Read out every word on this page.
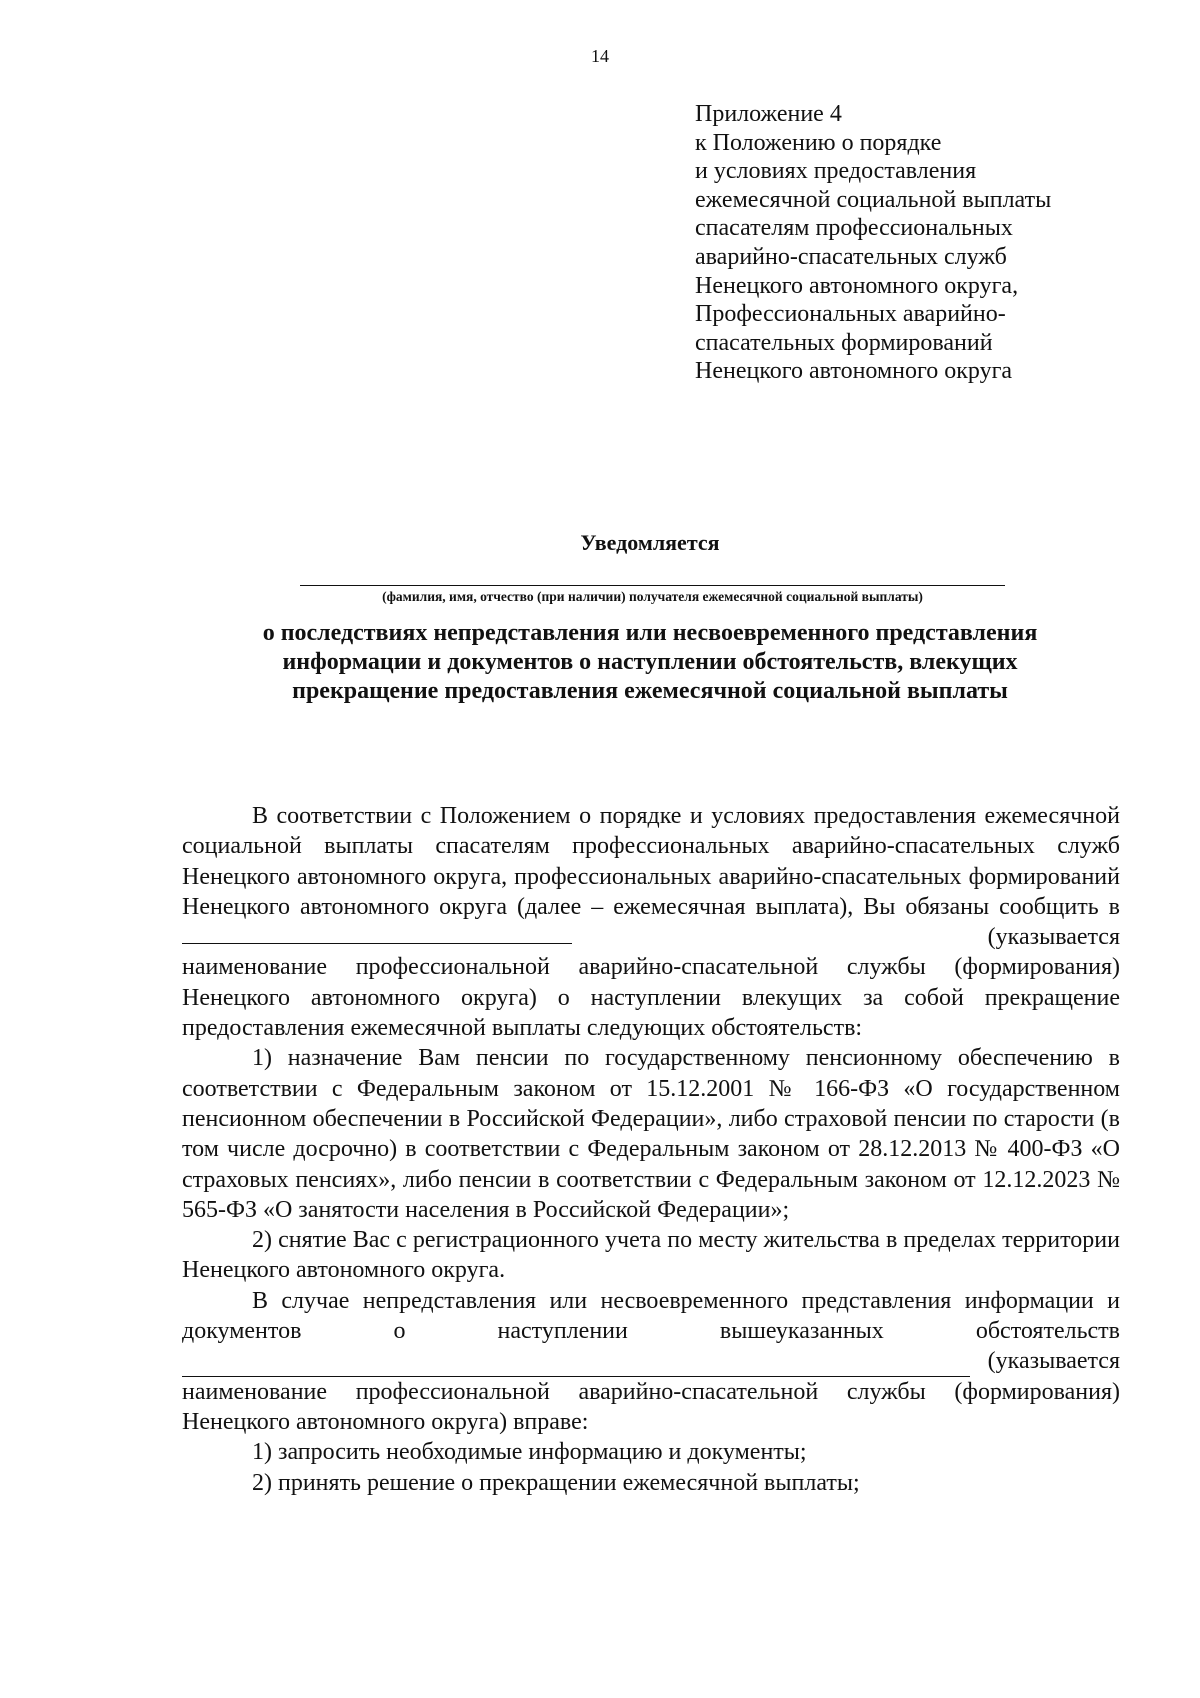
14
Приложение 4
к Положению о порядке
и условиях предоставления
ежемесячной социальной выплаты
спасателям профессиональных
аварийно-спасательных служб
Ненецкого автономного округа,
Профессиональных аварийно-
спасательных формирований
Ненецкого автономного округа
Уведомляется
(фамилия, имя, отчество (при наличии) получателя ежемесячной социальной выплаты)
о последствиях непредставления или несвоевременного представления информации и документов о наступлении обстоятельств, влекущих прекращение предоставления ежемесячной социальной выплаты

В соответствии с Положением о порядке и условиях предоставления ежемесячной социальной выплаты спасателям профессиональных аварийно-спасательных служб Ненецкого автономного округа, профессиональных аварийно-спасательных формирований Ненецкого автономного округа (далее – ежемесячная выплата), Вы обязаны сообщить в  (указывается

наименование профессиональной аварийно-спасательной службы (формирования) Ненецкого автономного округа) о наступлении влекущих за собой прекращение предоставления ежемесячной выплаты следующих обстоятельств:

1) назначение Вам пенсии по государственному пенсионному обеспечению в соответствии с Федеральным законом от 15.12.2001 № 166-ФЗ «О государственном пенсионном обеспечении в Российской Федерации», либо страховой пенсии по старости (в том числе досрочно) в соответствии с Федеральным законом от 28.12.2013 № 400-ФЗ «О страховых пенсиях», либо пенсии в соответствии с Федеральным законом от 12.12.2023 № 565-ФЗ «О занятости населения в Российской Федерации»;

2) снятие Вас с регистрационного учета по месту жительства в пределах территории Ненецкого автономного округа.

В случае непредставления или несвоевременного представления информации и документов о наступлении вышеуказанных обстоятельств

(указывается

наименование профессиональной аварийно-спасательной службы (формирования) Ненецкого автономного округа) вправе:

1) запросить необходимые информацию и документы;

2) принять решение о прекращении ежемесячной выплаты;
